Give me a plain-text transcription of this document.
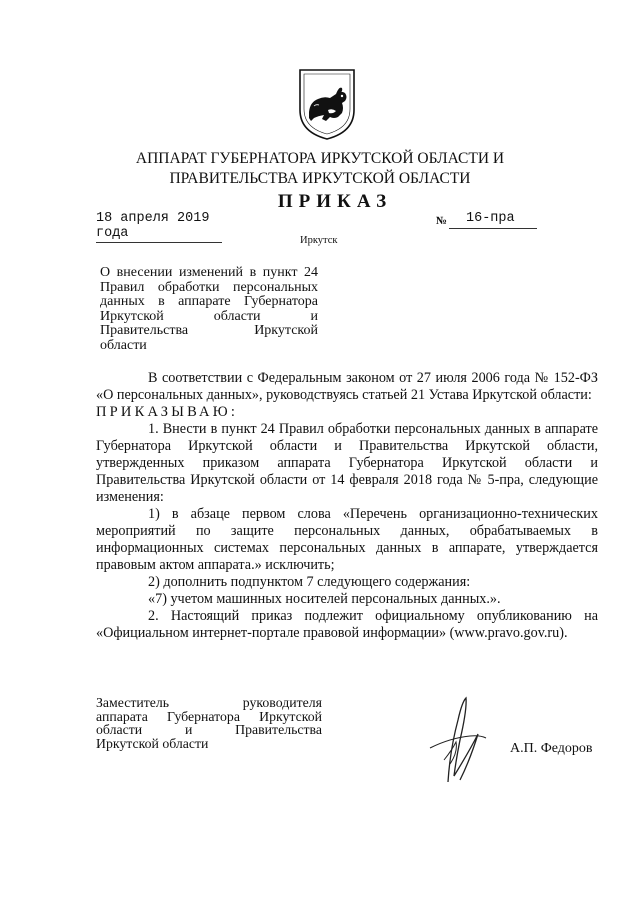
АППАРАТ ГУБЕРНАТОРА ИРКУТСКОЙ ОБЛАСТИ И
ПРАВИТЕЛЬСТВА ИРКУТСКОЙ ОБЛАСТИ
ПРИКАЗ
18 апреля 2019 года
№ 16-пра
Иркутск
О внесении изменений в пункт 24
Правил обработки персональных
данных в аппарате Губернатора
Иркутской области и
Правительства Иркутской
области

В соответствии с Федеральным законом от 27 июля 2006 года № 152-ФЗ «О персональных данных», руководствуясь статьей 21 Устава Иркутской области:

ПРИКАЗЫВАЮ:

1. Внести в пункт 24 Правил обработки персональных данных в аппарате Губернатора Иркутской области и Правительства Иркутской области, утвержденных приказом аппарата Губернатора Иркутской области и Правительства Иркутской области от 14 февраля 2018 года № 5-пра, следующие изменения:

1) в абзаце первом слова «Перечень организационно-технических мероприятий по защите персональных данных, обрабатываемых в информационных системах персональных данных в аппарате, утверждается правовым актом аппарата.» исключить;

2) дополнить подпунктом 7 следующего содержания:

«7) учетом машинных носителей персональных данных.».

2. Настоящий приказ подлежит официальному опубликованию на «Официальном интернет-портале правовой информации» (www.pravo.gov.ru).

Заместитель руководителя
аппарата Губернатора Иркутской
области и Правительства
Иркутской области	А.П. Федоров
